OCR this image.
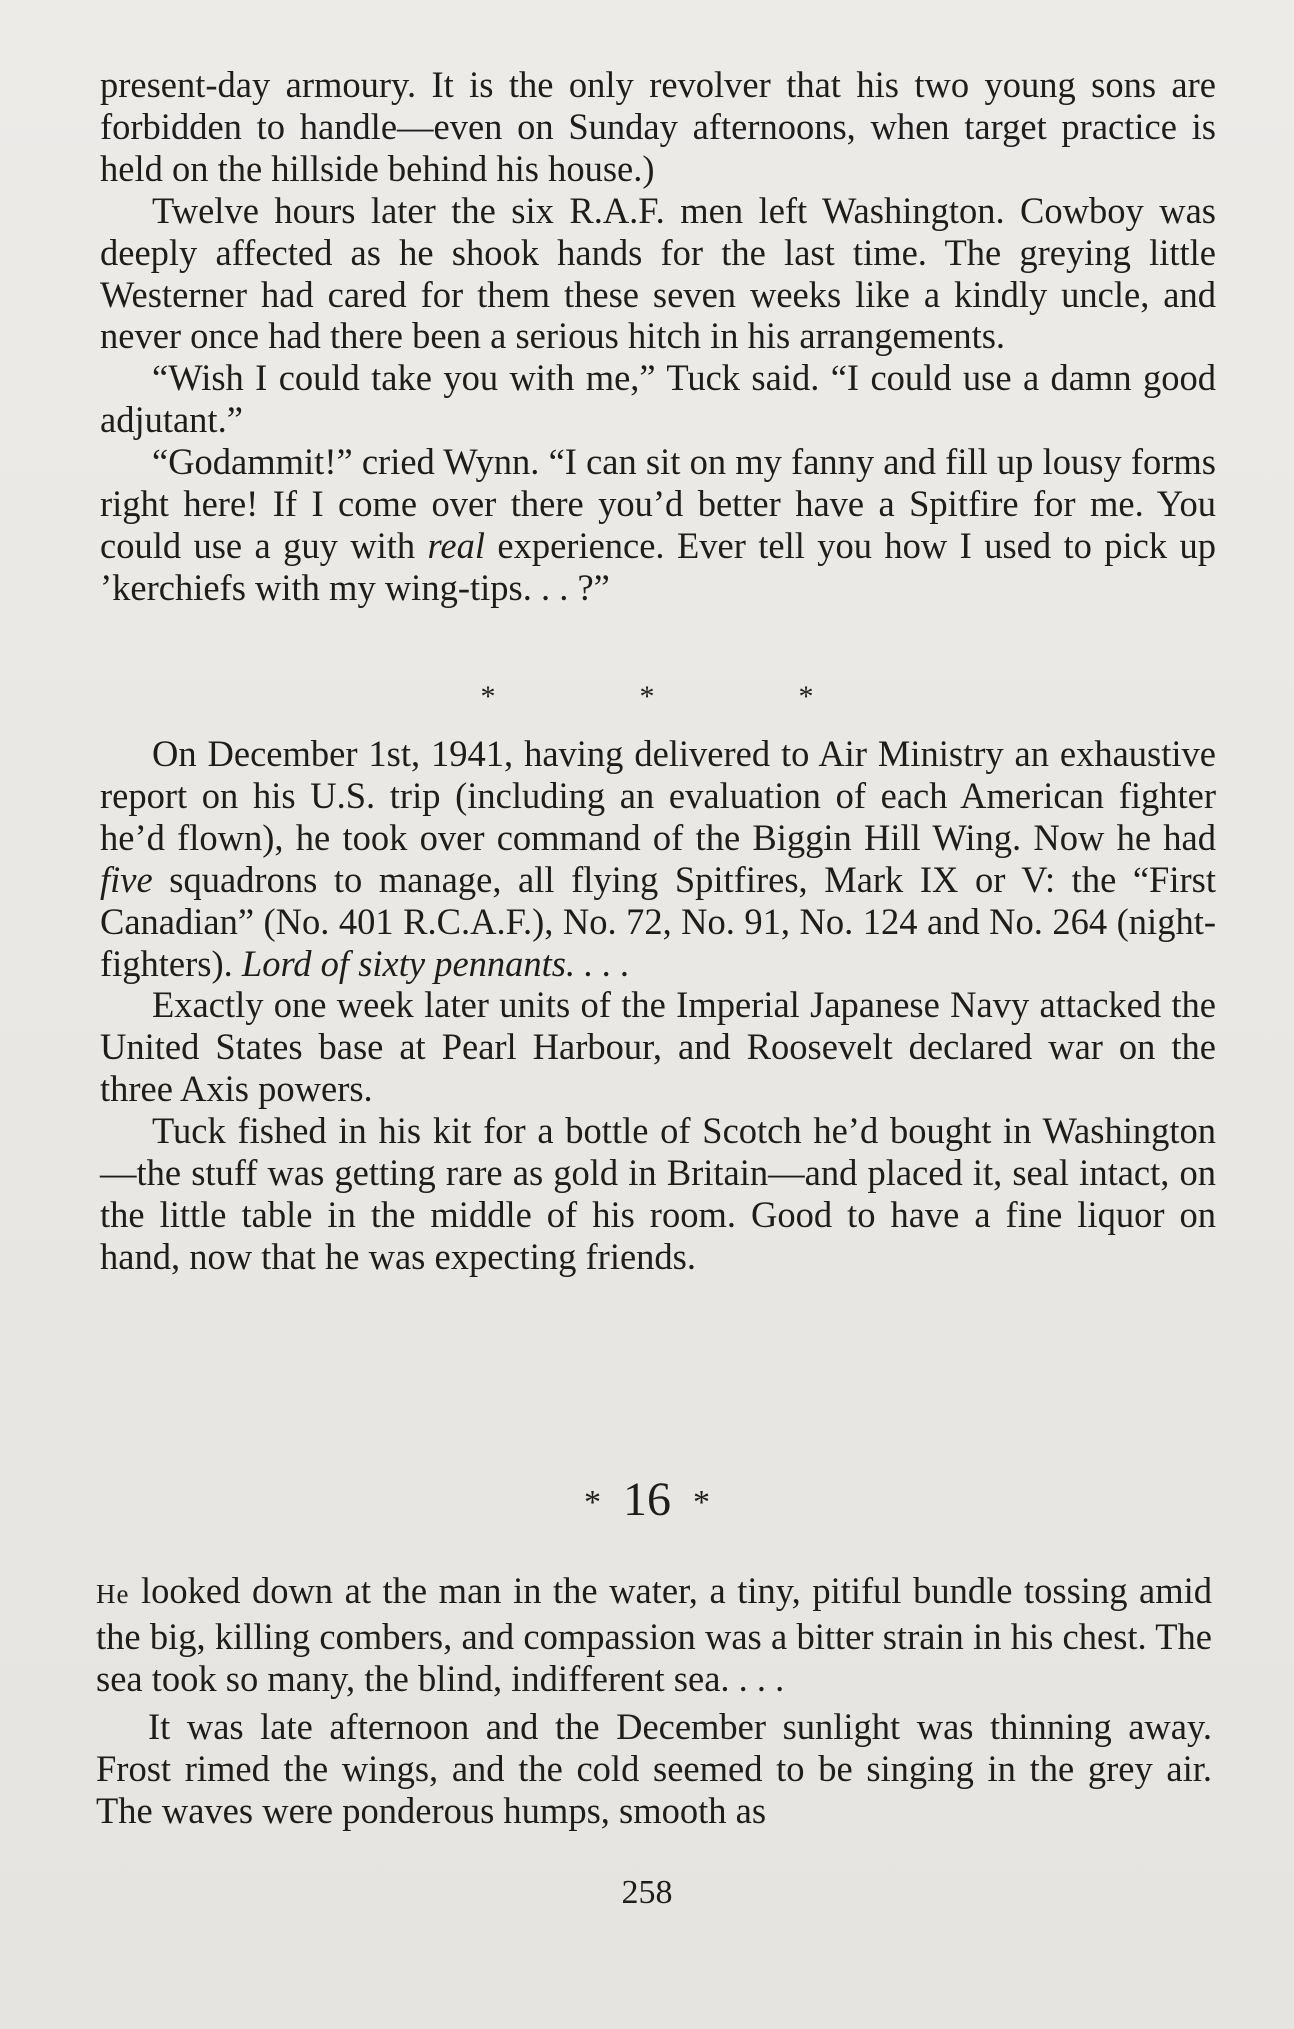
present-day armoury. It is the only revolver that his two young sons are forbidden to handle—even on Sunday afternoons, when target practice is held on the hillside behind his house.)

Twelve hours later the six R.A.F. men left Washington. Cowboy was deeply affected as he shook hands for the last time. The greying little Westerner had cared for them these seven weeks like a kindly uncle, and never once had there been a serious hitch in his arrangements.

“Wish I could take you with me,” Tuck said. “I could use a damn good adjutant.”

“Godammit!” cried Wynn. “I can sit on my fanny and fill up lousy forms right here! If I come over there you’d better have a Spitfire for me. You could use a guy with real experience. Ever tell you how I used to pick up ’kerchiefs with my wing-tips. . . ?”

*	*	*

On December 1st, 1941, having delivered to Air Ministry an exhaustive report on his U.S. trip (including an evaluation of each American fighter he’d flown), he took over command of the Biggin Hill Wing. Now he had five squadrons to manage, all flying Spitfires, Mark IX or V: the “First Canadian” (No. 401 R.C.A.F.), No. 72, No. 91, No. 124 and No. 264 (night-fighters). Lord of sixty pennants. . . .

Exactly one week later units of the Imperial Japanese Navy attacked the United States base at Pearl Harbour, and Roosevelt declared war on the three Axis powers.

Tuck fished in his kit for a bottle of Scotch he’d bought in Washington—the stuff was getting rare as gold in Britain—and placed it, seal intact, on the little table in the middle of his room. Good to have a fine liquor on hand, now that he was expecting friends.

* 16 *

He looked down at the man in the water, a tiny, pitiful bundle tossing amid the big, killing combers, and compassion was a bitter strain in his chest. The sea took so many, the blind, indifferent sea. . . .

It was late afternoon and the December sunlight was thinning away. Frost rimed the wings, and the cold seemed to be singing in the grey air. The waves were ponderous humps, smooth as

258
